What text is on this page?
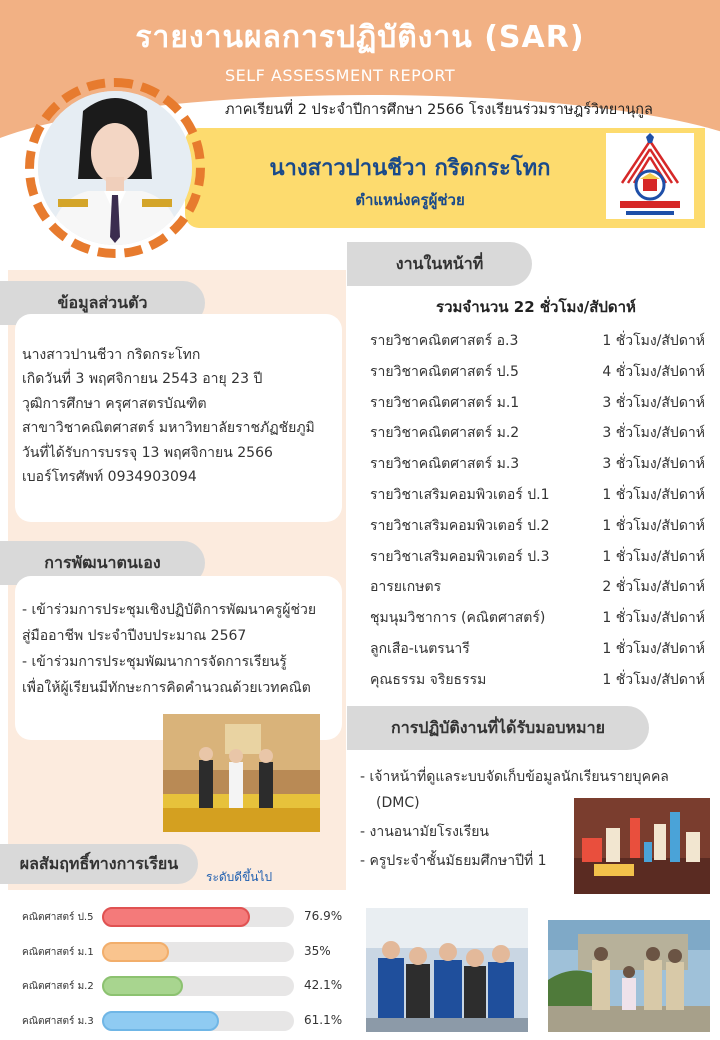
รายงานผลการปฏิบัติงาน (SAR)
SELF ASSESSMENT REPORT
ภาคเรียนที่ 2 ประจำปีการศึกษา 2566 โรงเรียนร่วมราษฎร์วิทยานุกูล
นางสาวปานชีวา กริดกระโทก
ตำแหน่งครูผู้ช่วย
ข้อมูลส่วนตัว
นางสาวปานชีวา กริดกระโทก
เกิดวันที่ 3 พฤศจิกายน 2543 อายุ 23 ปี
วุฒิการศึกษา ครุศาสตรบัณฑิต
สาขาวิชาคณิตศาสตร์ มหาวิทยาลัยราชภัฏชัยภูมิ
วันที่ได้รับการบรรจุ 13 พฤศจิกายน 2566
เบอร์โทรศัพท์ 0934903094
การพัฒนาตนเอง
- เข้าร่วมการประชุมเชิงปฏิบัติการพัฒนาครูผู้ช่วย
สู่มืออาชีพ ประจำปีงบประมาณ 2567
- เข้าร่วมการประชุมพัฒนาการจัดการเรียนรู้
เพื่อให้ผู้เรียนมีทักษะการคิดคำนวณด้วยเวทคณิต
ผลสัมฤทธิ์ทางการเรียน
ระดับดีขึ้นไป
คณิตศาสตร์ ป.5	76.9%
คณิตศาสตร์ ม.1	35%
คณิตศาสตร์ ม.2	42.1%
คณิตศาสตร์ ม.3	61.1%
งานในหน้าที่
รวมจำนวน 22 ชั่วโมง/สัปดาห์
รายวิชาคณิตศาสตร์ อ.3	1 ชั่วโมง/สัปดาห์
รายวิชาคณิตศาสตร์ ป.5	4 ชั่วโมง/สัปดาห์
รายวิชาคณิตศาสตร์ ม.1	3 ชั่วโมง/สัปดาห์
รายวิชาคณิตศาสตร์ ม.2	3 ชั่วโมง/สัปดาห์
รายวิชาคณิตศาสตร์ ม.3	3 ชั่วโมง/สัปดาห์
รายวิชาเสริมคอมพิวเตอร์ ป.1	1 ชั่วโมง/สัปดาห์
รายวิชาเสริมคอมพิวเตอร์ ป.2	1 ชั่วโมง/สัปดาห์
รายวิชาเสริมคอมพิวเตอร์ ป.3	1 ชั่วโมง/สัปดาห์
อารยเกษตร	2 ชั่วโมง/สัปดาห์
ชุมนุมวิชาการ (คณิตศาสตร์)	1 ชั่วโมง/สัปดาห์
ลูกเสือ-เนตรนารี	1 ชั่วโมง/สัปดาห์
คุณธรรม จริยธรรม	1 ชั่วโมง/สัปดาห์
การปฏิบัติงานที่ได้รับมอบหมาย
- เจ้าหน้าที่ดูแลระบบจัดเก็บข้อมูลนักเรียนรายบุคคล
(DMC)
- งานอนามัยโรงเรียน
- ครูประจำชั้นมัธยมศึกษาปีที่ 1
